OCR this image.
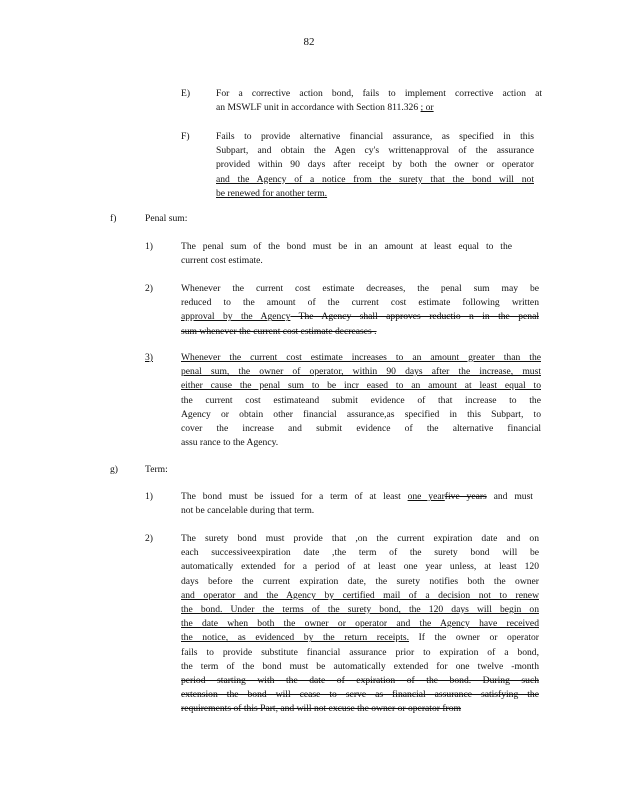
82
E)	For a corrective action bond, fails to implement corrective action at
an MSWLF unit in accordance with Section 811.326 ; or
F)	Fails to provide alternative financial assurance, as specified in this
Subpart, and obtain the Agen cy's writtenapproval of the assurance
provided within 90 days after receipt by both the owner or operator
and the Agency of a notice from the surety that the bond will not
be renewed for another term.
f)	Penal sum:
1)	The penal sum of the bond must be in an amount at least equal to the
current cost estimate.
2)	Whenever the current cost estimate decreases, the penal sum may be
reduced to the amount of the current cost estimate following written
approval by the Agency The Agency shall approves reductio n in the penal
sum whenever the current cost estimate decreases .
3)	Whenever the current cost estimate increases to an amount greater than the
penal sum, the owner of operator, within 90 days after the increase, must
either cause the penal sum to be incr eased to an amount at least equal to
the current cost estimateand submit evidence of that increase to the
Agency or obtain other financial assurance,as specified in this Subpart, to
cover the increase and submit evidence of the alternative financial
assu rance to the Agency.
g)	Term:
1)	The bond must be issued for a term of at least one yearfive years and must
not be cancelable during that term.
2)	The surety bond must provide that ,on the current expiration date and on
each successiveexpiration date ,the term of the surety bond will be
automatically extended for a period of at least one year unless, at least 120
days before the current expiration date, the surety notifies both the owner
and operator and the Agency by certified mail of a decision not to renew
the bond. Under the terms of the surety bond, the 120 days will begin on
the date when both the owner or operator and the Agency have received
the notice, as evidenced by the return receipts. If the owner or operator
fails to provide substitute financial assurance prior to expiration of a bond,
the term of the bond must be automatically extended for one twelve -month
period starting with the date of expiration of the bond. During such
extension the bond will cease to serve as financial assurance satisfying the
requirements of this Part, and will not excuse the owner or operator from
